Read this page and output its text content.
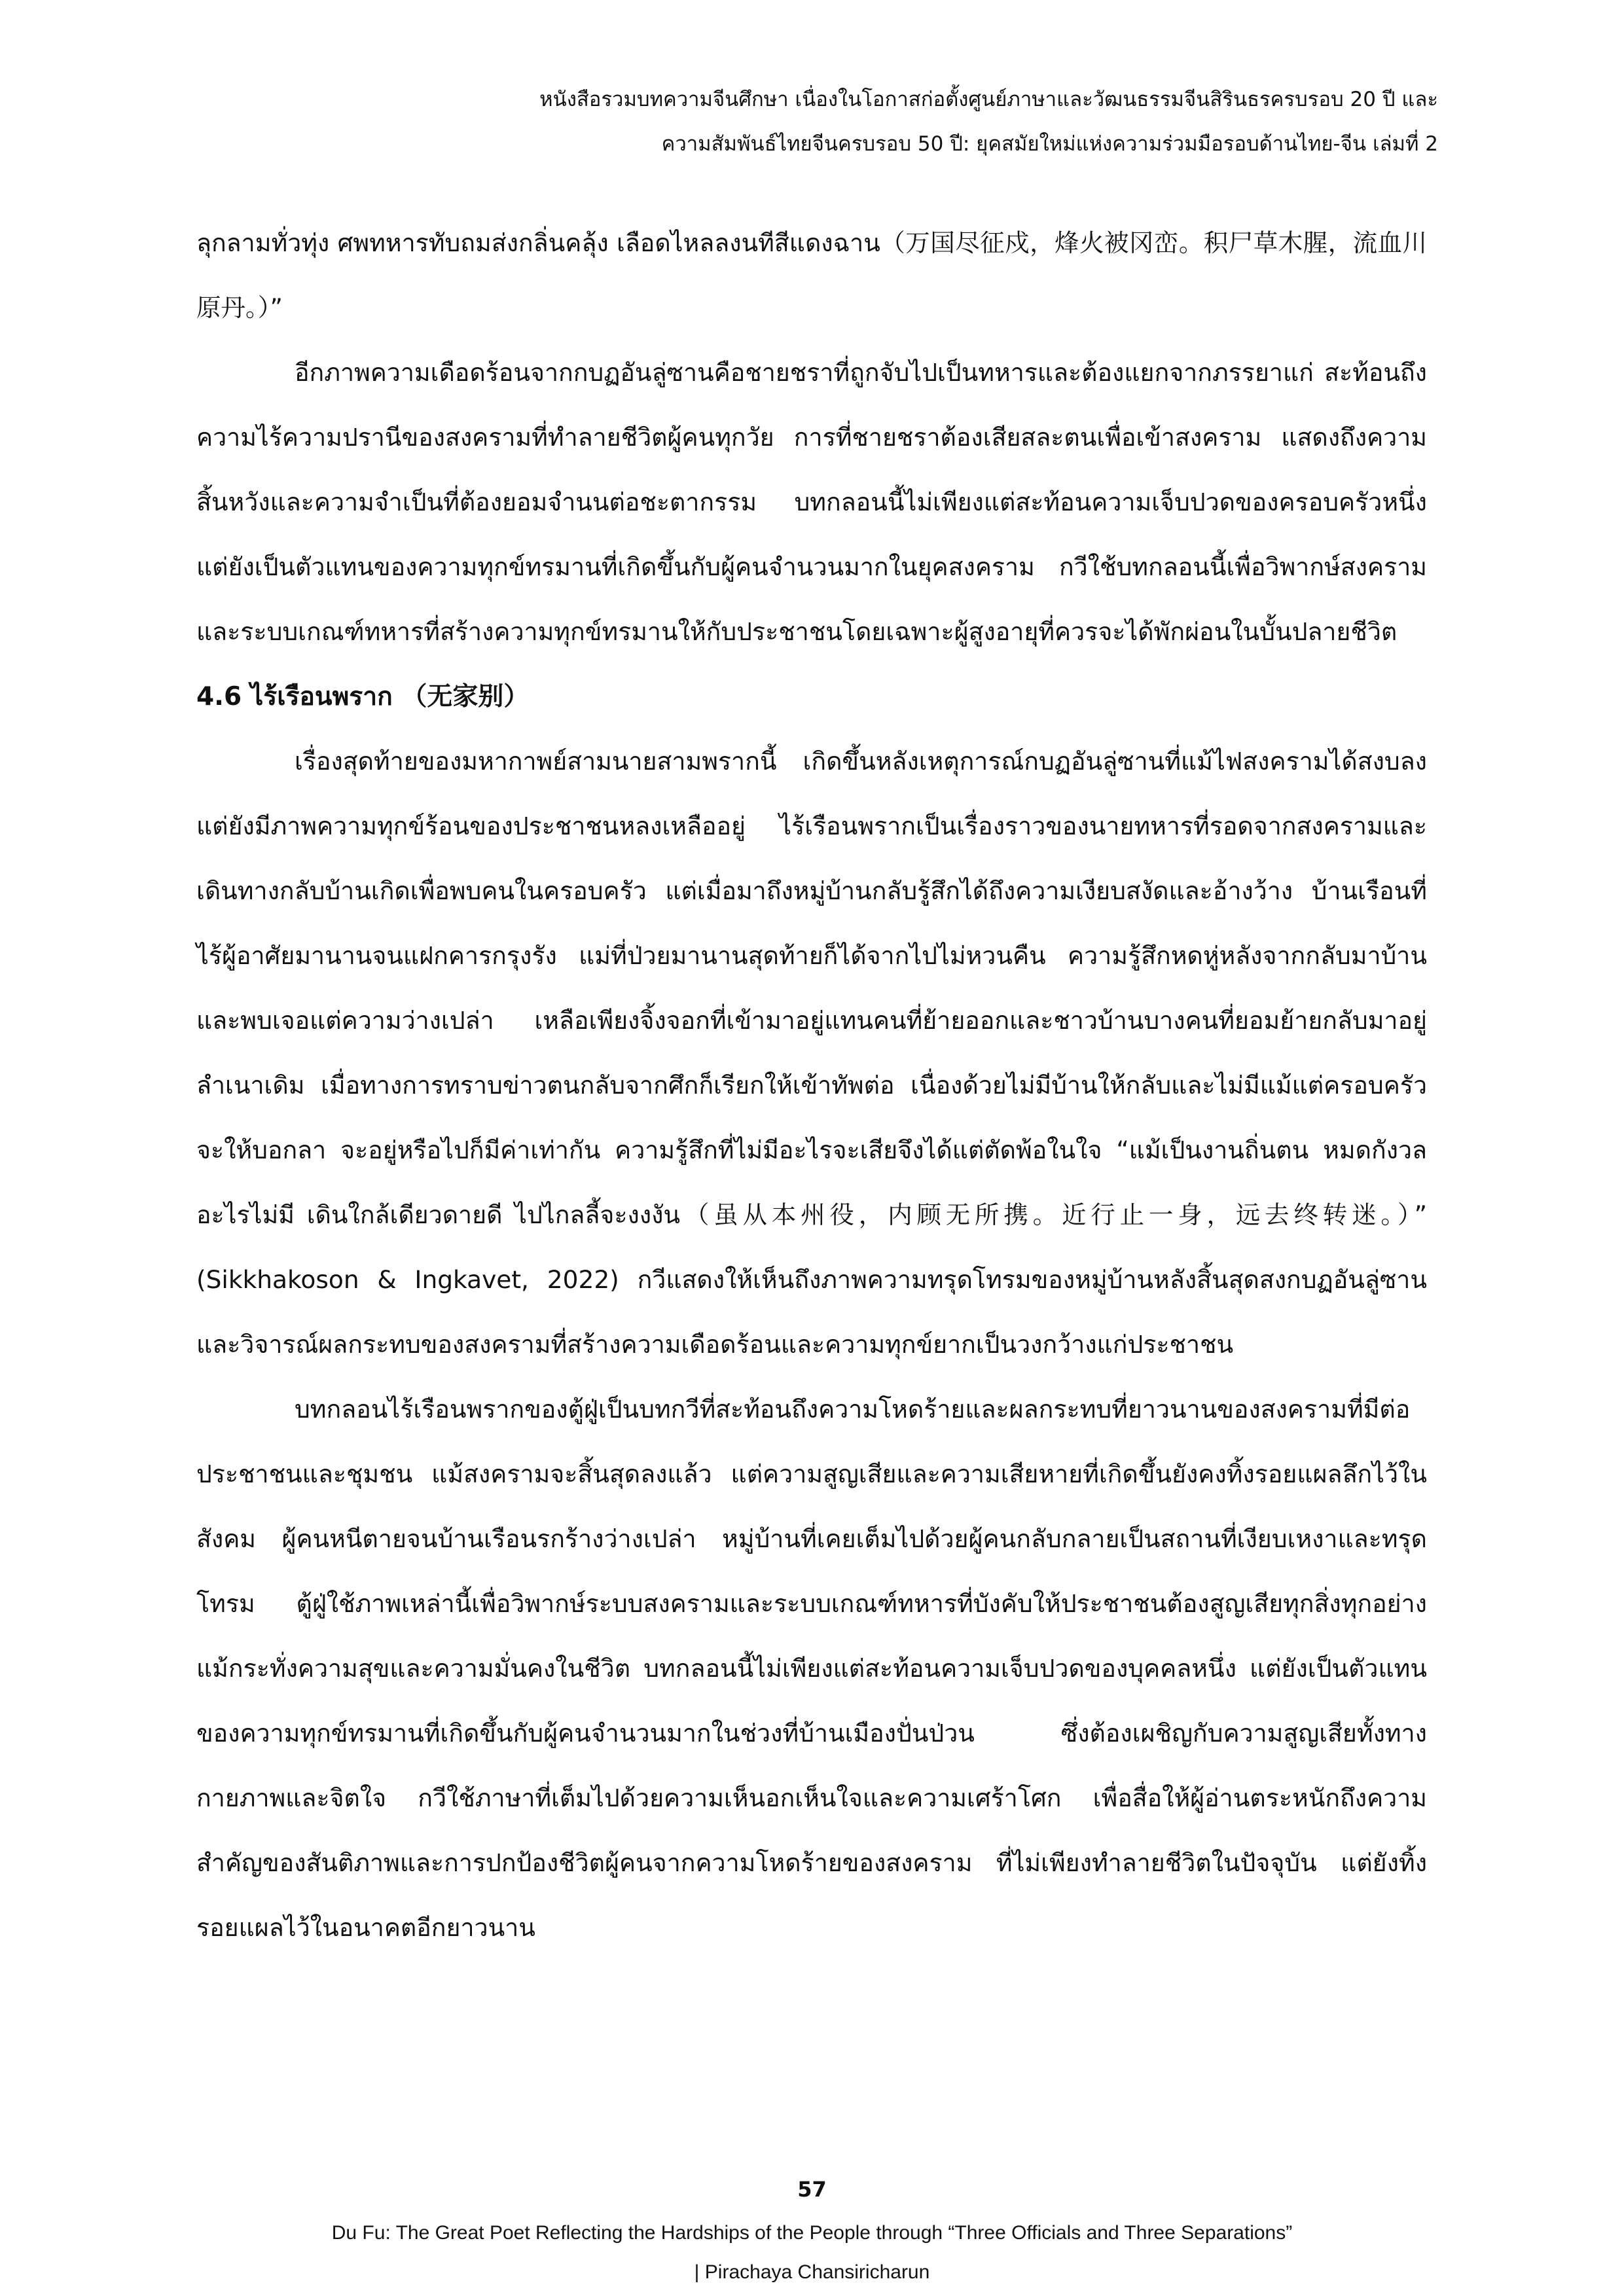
หนังสือรวมบทความจีนศึกษา เนื่องในโอกาสก่อตั้งศูนย์ภาษาและวัฒนธรรมจีนสิรินธรครบรอบ 20 ปี และ
ความสัมพันธ์ไทยจีนครบรอบ 50 ปี: ยุคสมัยใหม่แห่งความร่วมมือรอบด้านไทย-จีน เล่มที่ 2

ลุกลามทั่วทุ่ง ศพทหารทับถมส่งกลิ่นคลุ้ง เลือดไหลลงนทีสีแดงฉาน（万国尽征戍，烽火被冈峦。积尸草木腥，流血川原丹。）”

อีกภาพความเดือดร้อนจากกบฏอันลู่ซานคือชายชราที่ถูกจับไปเป็นทหารและต้องแยกจากภรรยาแก่ สะท้อนถึงความไร้ความปรานีของสงครามที่ทำลายชีวิตผู้คนทุกวัย การที่ชายชราต้องเสียสละตนเพื่อเข้าสงคราม แสดงถึงความสิ้นหวังและความจำเป็นที่ต้องยอมจำนนต่อชะตากรรม บทกลอนนี้ไม่เพียงแต่สะท้อนความเจ็บปวดของครอบครัวหนึ่ง แต่ยังเป็นตัวแทนของความทุกข์ทรมานที่เกิดขึ้นกับผู้คนจำนวนมากในยุคสงคราม กวีใช้บทกลอนนี้เพื่อวิพากษ์สงครามและระบบเกณฑ์ทหารที่สร้างความทุกข์ทรมานให้กับประชาชนโดยเฉพาะผู้สูงอายุที่ควรจะได้พักผ่อนในบั้นปลายชีวิต

4.6 ไร้เรือนพราก （无家别）

เรื่องสุดท้ายของมหากาพย์สามนายสามพรากนี้ เกิดขึ้นหลังเหตุการณ์กบฏอันลู่ซานที่แม้ไฟสงครามได้สงบลง แต่ยังมีภาพความทุกข์ร้อนของประชาชนหลงเหลืออยู่ ไร้เรือนพรากเป็นเรื่องราวของนายทหารที่รอดจากสงครามและเดินทางกลับบ้านเกิดเพื่อพบคนในครอบครัว แต่เมื่อมาถึงหมู่บ้านกลับรู้สึกได้ถึงความเงียบสงัดและอ้างว้าง บ้านเรือนที่ไร้ผู้อาศัยมานานจนแฝกคารกรุงรัง แม่ที่ป่วยมานานสุดท้ายก็ได้จากไปไม่หวนคืน ความรู้สึกหดหู่หลังจากกลับมาบ้านและพบเจอแต่ความว่างเปล่า เหลือเพียงจิ้งจอกที่เข้ามาอยู่แทนคนที่ย้ายออกและชาวบ้านบางคนที่ยอมย้ายกลับมาอยู่ลำเนาเดิม เมื่อทางการทราบข่าวตนกลับจากศึกก็เรียกให้เข้าทัพต่อ เนื่องด้วยไม่มีบ้านให้กลับและไม่มีแม้แต่ครอบครัวจะให้บอกลา จะอยู่หรือไปก็มีค่าเท่ากัน ความรู้สึกที่ไม่มีอะไรจะเสียจึงได้แต่ตัดพ้อในใจ “แม้เป็นงานถิ่นตน หมดกังวลอะไรไม่มี เดินใกล้เดียวดายดี ไปไกลลี้จะงงงัน（虽从本州役，内顾无所携。近行止一身，远去终转迷。）” (Sikkhakoson & Ingkavet, 2022) กวีแสดงให้เห็นถึงภาพความทรุดโทรมของหมู่บ้านหลังสิ้นสุดสงกบฏอันลู่ซาน และวิจารณ์ผลกระทบของสงครามที่สร้างความเดือดร้อนและความทุกข์ยากเป็นวงกว้างแก่ประชาชน

บทกลอนไร้เรือนพรากของตู้ฝู่เป็นบทกวีที่สะท้อนถึงความโหดร้ายและผลกระทบที่ยาวนานของสงครามที่มีต่อประชาชนและชุมชน แม้สงครามจะสิ้นสุดลงแล้ว แต่ความสูญเสียและความเสียหายที่เกิดขึ้นยังคงทิ้งรอยแผลลึกไว้ในสังคม ผู้คนหนีตายจนบ้านเรือนรกร้างว่างเปล่า หมู่บ้านที่เคยเต็มไปด้วยผู้คนกลับกลายเป็นสถานที่เงียบเหงาและทรุดโทรม ตู้ฝู่ใช้ภาพเหล่านี้เพื่อวิพากษ์ระบบสงครามและระบบเกณฑ์ทหารที่บังคับให้ประชาชนต้องสูญเสียทุกสิ่งทุกอย่าง แม้กระทั่งความสุขและความมั่นคงในชีวิต บทกลอนนี้ไม่เพียงแต่สะท้อนความเจ็บปวดของบุคคลหนึ่ง แต่ยังเป็นตัวแทนของความทุกข์ทรมานที่เกิดขึ้นกับผู้คนจำนวนมากในช่วงที่บ้านเมืองปั่นป่วน ซึ่งต้องเผชิญกับความสูญเสียทั้งทางกายภาพและจิตใจ กวีใช้ภาษาที่เต็มไปด้วยความเห็นอกเห็นใจและความเศร้าโศก เพื่อสื่อให้ผู้อ่านตระหนักถึงความสำคัญของสันติภาพและการปกป้องชีวิตผู้คนจากความโหดร้ายของสงคราม ที่ไม่เพียงทำลายชีวิตในปัจจุบัน แต่ยังทิ้งรอยแผลไว้ในอนาคตอีกยาวนาน

57
Du Fu: The Great Poet Reflecting the Hardships of the People through “Three Officials and Three Separations”
| Pirachaya Chansiricharun
